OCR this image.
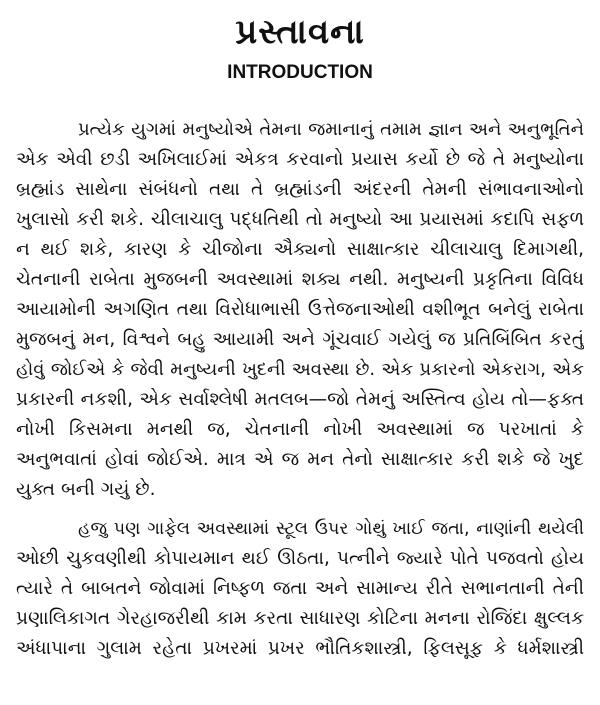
પ્રસ્તાવના
INTRODUCTION

પ્રત્યેક યુગમાં મનુષ્યોએ તેમના જમાનાનું તમામ જ્ઞાન અને અનુભૂતિને
એક એવી છડી અખિલાઈમાં એકત્ર કરવાનો પ્રયાસ કર્યો છે જે તે મનુષ્યોના
બ્રહ્માંડ સાથેના સંબંધનો તથા તે બ્રહ્માંડની અંદરની તેમની સંભાવનાઓનો
ખુલાસો કરી શકે. ચીલાચાલુ પદ્ધતિથી તો મનુષ્યો આ પ્રયાસમાં કદાપિ સફળ
ન થઈ શકે, કારણ કે ચીજોના ઐક્યનો સાક્ષાત્કાર ચીલાચાલુ દિમાગથી,
ચેતનાની રાબેતા મુજબની અવસ્થામાં શક્ય નથી. મનુષ્યની પ્રકૃતિના વિવિધ
આયામોની અગણિત તથા વિરોધાભાસી ઉત્તેજનાઓથી વશીભૂત બનેલું રાબેતા
મુજબનું મન, વિશ્વને બહુ આયામી અને ગૂંચવાઈ ગયેલું જ પ્રતિબિંબિત કરતું
હોવું જોઈએ કે જેવી મનુષ્યની ખુદની અવસ્થા છે. એક પ્રકારનો એકરાગ, એક
પ્રકારની નકશી, એક સર્વાશ્લેષી મતલબ—જો તેમનું અસ્તિત્વ હોય તો—ફક્ત
નોખી કિસમના મનથી જ, ચેતનાની નોખી અવસ્થામાં જ પરખાતાં કે
અનુભવાતાં હોવાં જોઈએ. માત્ર એ જ મન તેનો સાક્ષાત્કાર કરી શકે જે ખુદ
યુક્ત બની ગયું છે.

હજુ પણ ગાફેલ અવસ્થામાં સ્ટૂલ ઉપર ગોથું ખાઈ જતા, નાણાંની થયેલી
ઓછી ચુકવણીથી કોપાયમાન થઈ ઊઠતા, પત્નીને જ્યારે પોતે પજવતો હોય
ત્યારે તે બાબતને જોવામાં નિષ્ફળ જતા અને સામાન્ય રીતે સભાનતાની તેની
પ્રણાલિકાગત ગેરહાજરીથી કામ કરતા સાધારણ કોટિના મનના રોજિંદા ક્ષુલ્લક
અંધાપાના ગુલામ રહેતા પ્રખરમાં પ્રખર ભૌતિકશાસ્ત્રી, ફિલસૂફ કે ધર્મશાસ્ત્રી
